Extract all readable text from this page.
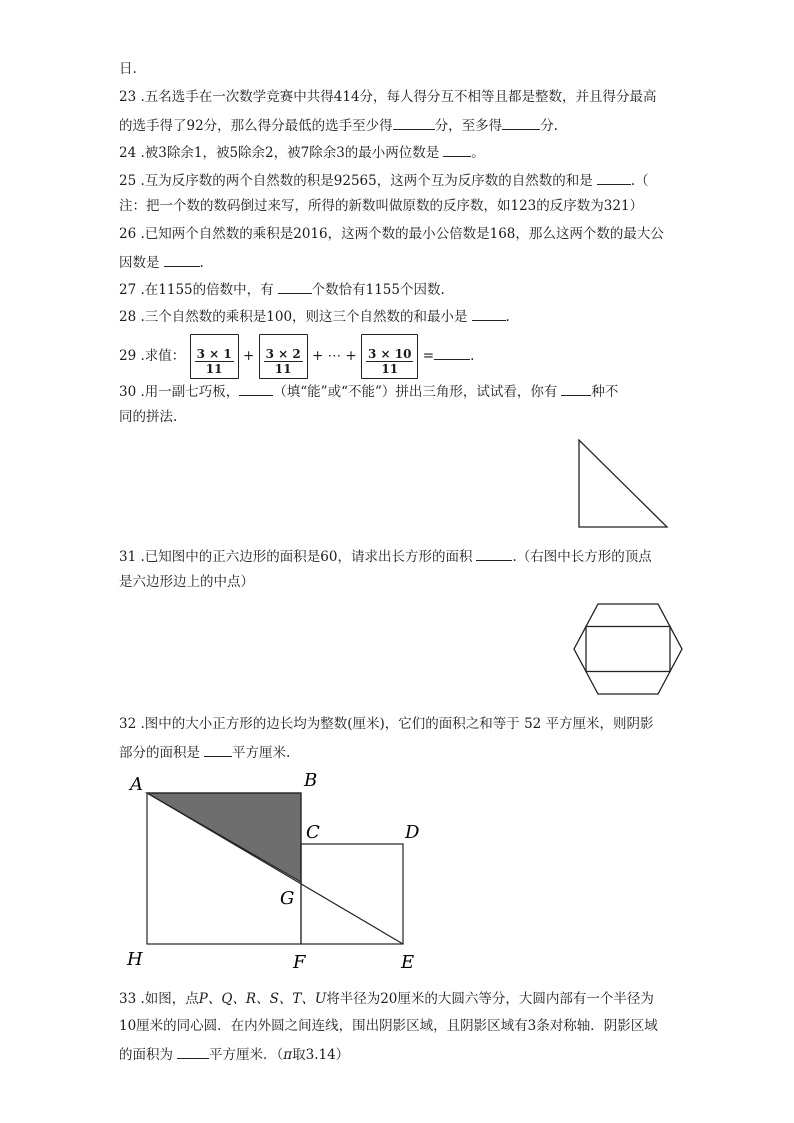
日.
23 .五名选手在一次数学竞赛中共得414分，每人得分互不相等且都是整数，并且得分最高
的选手得了92分，那么得分最低的选手至少得	分，至多得	分.
24 .被3除余1，被5除余2，被7除余3的最小两位数是 。
25 .互为反序数的两个自然数的积是92565，这两个互为反序数的自然数的和是	.（
注：把一个数的数码倒过来写，所得的新数叫做原数的反序数，如123的反序数为321）
26 .已知两个自然数的乘积是2016，这两个数的最小公倍数是168，那么这两个数的最大公
因数是	.
27 .在1155的倍数中，有	个数恰有1155个因数.
28 .三个自然数的乘积是100，则这三个自然数的和最小是	.
29 .求值： $\frac{3 \times 1}{11} + \frac{3 \times 2}{11}$ + ⋯ + $\frac{3 \times 10}{11}$ =	.
30 .用一副七巧板，	（填“能”或“不能”）拼出三角形，试试看，你有	种不
同的拼法.
31 .已知图中的正六边形的面积是60，请求出长方形的面积	.（右图中长方形的顶点
是六边形边上的中点）
32 .图中的大小正方形的边长均为整数(厘米)，它们的面积之和等于 52 平方厘米，则阴影
部分的面积是 平方厘米.
A	B
C	D
G
H	F	E
33 .如图，点P、Q、R、S、T、U将半径为20厘米的大圆六等分，大圆内部有一个半径为
10厘米的同心圆．在内外圆之间连线，围出阴影区域，且阴影区域有3条对称轴．阴影区域
的面积为	平方厘米．（π取3.14）
